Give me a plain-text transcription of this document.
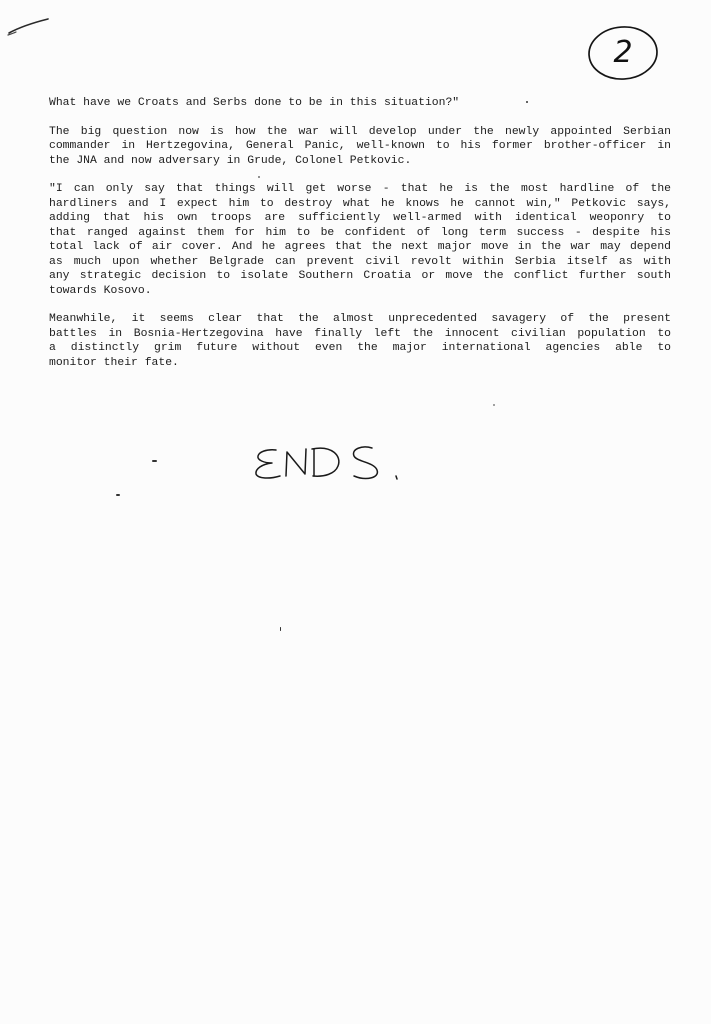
2

What have we Croats and Serbs done to be in this situation?"

The big question now is how the war will develop under the newly appointed Serbian
commander in Hertzegovina, General Panic, well-known to his former brother-officer in
the JNA and now adversary in Grude, Colonel Petkovic.

"I can only say that things will get worse - that he is the most hardline of the
hardliners and I expect him to destroy what he knows he cannot win," Petkovic says,
adding that his own troops are sufficiently well-armed with identical weoponry to
that ranged against them for him to be confident of long term success - despite his
total lack of air cover. And he agrees that the next major move in the war may depend
as much upon whether Belgrade can prevent civil revolt within Serbia itself as with
any strategic decision to isolate Southern Croatia or move the conflict further south
towards Kosovo.

Meanwhile, it seems clear that the almost unprecedented savagery of the present
battles in Bosnia-Hertzegovina have finally left the innocent civilian population to
a distinctly grim future without even the major international agencies able to
monitor their fate.
